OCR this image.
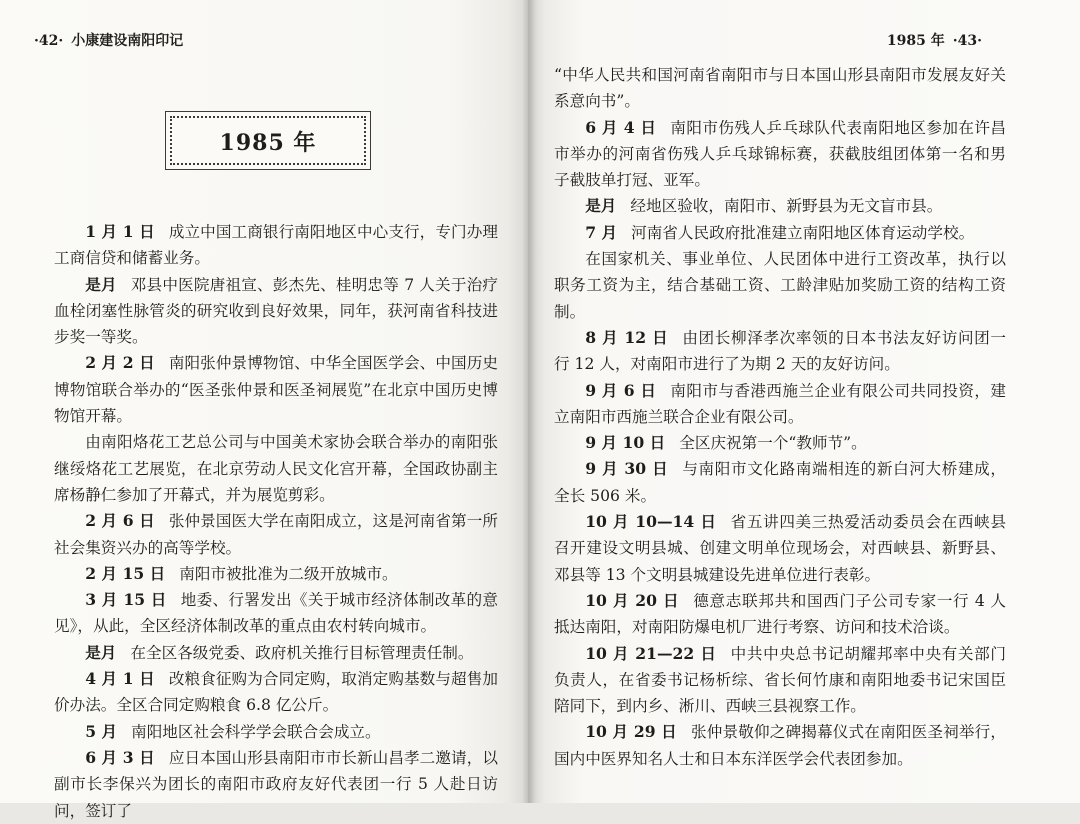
·42· 小康建设南阳印记
1985 年

1 月 1 日 成立中国工商银行南阳地区中心支行，专门办理工商信贷和储蓄业务。

是月 邓县中医院唐祖宣、彭杰先、桂明忠等 7 人关于治疗血栓闭塞性脉管炎的研究收到良好效果，同年，获河南省科技进步奖一等奖。

2 月 2 日 南阳张仲景博物馆、中华全国医学会、中国历史博物馆联合举办的“医圣张仲景和医圣祠展览”在北京中国历史博物馆开幕。

由南阳烙花工艺总公司与中国美术家协会联合举办的南阳张继绥烙花工艺展览，在北京劳动人民文化宫开幕，全国政协副主席杨静仁参加了开幕式，并为展览剪彩。

2 月 6 日 张仲景国医大学在南阳成立，这是河南省第一所社会集资兴办的高等学校。

2 月 15 日 南阳市被批准为二级开放城市。

3 月 15 日 地委、行署发出《关于城市经济体制改革的意见》，从此，全区经济体制改革的重点由农村转向城市。

是月 在全区各级党委、政府机关推行目标管理责任制。

4 月 1 日 改粮食征购为合同定购，取消定购基数与超售加价办法。全区合同定购粮食 6.8 亿公斤。

5 月 南阳地区社会科学学会联合会成立。

6 月 3 日 应日本国山形县南阳市市长新山昌孝二邀请，以副市长李保兴为团长的南阳市政府友好代表团一行 5 人赴日访问，签订了

1985 年 ·43·

“中华人民共和国河南省南阳市与日本国山形县南阳市发展友好关系意向书”。

6 月 4 日 南阳市伤残人乒乓球队代表南阳地区参加在许昌市举办的河南省伤残人乒乓球锦标赛，获截肢组团体第一名和男子截肢单打冠、亚军。

是月 经地区验收，南阳市、新野县为无文盲市县。

7 月 河南省人民政府批准建立南阳地区体育运动学校。

在国家机关、事业单位、人民团体中进行工资改革，执行以职务工资为主，结合基础工资、工龄津贴加奖励工资的结构工资制。

8 月 12 日 由团长柳泽孝次率领的日本书法友好访问团一行 12 人，对南阳市进行了为期 2 天的友好访问。

9 月 6 日 南阳市与香港西施兰企业有限公司共同投资，建立南阳市西施兰联合企业有限公司。

9 月 10 日 全区庆祝第一个“教师节”。

9 月 30 日 与南阳市文化路南端相连的新白河大桥建成，全长 506 米。

10 月 10—14 日 省五讲四美三热爱活动委员会在西峡县召开建设文明县城、创建文明单位现场会，对西峡县、新野县、邓县等 13 个文明县城建设先进单位进行表彰。

10 月 20 日 德意志联邦共和国西门子公司专家一行 4 人抵达南阳，对南阳防爆电机厂进行考察、访问和技术洽谈。

10 月 21—22 日 中共中央总书记胡耀邦率中央有关部门负责人，在省委书记杨析综、省长何竹康和南阳地委书记宋国臣陪同下，到内乡、淅川、西峡三县视察工作。

10 月 29 日 张仲景敬仰之碑揭幕仪式在南阳医圣祠举行，国内中医界知名人士和日本东洋医学会代表团参加。
